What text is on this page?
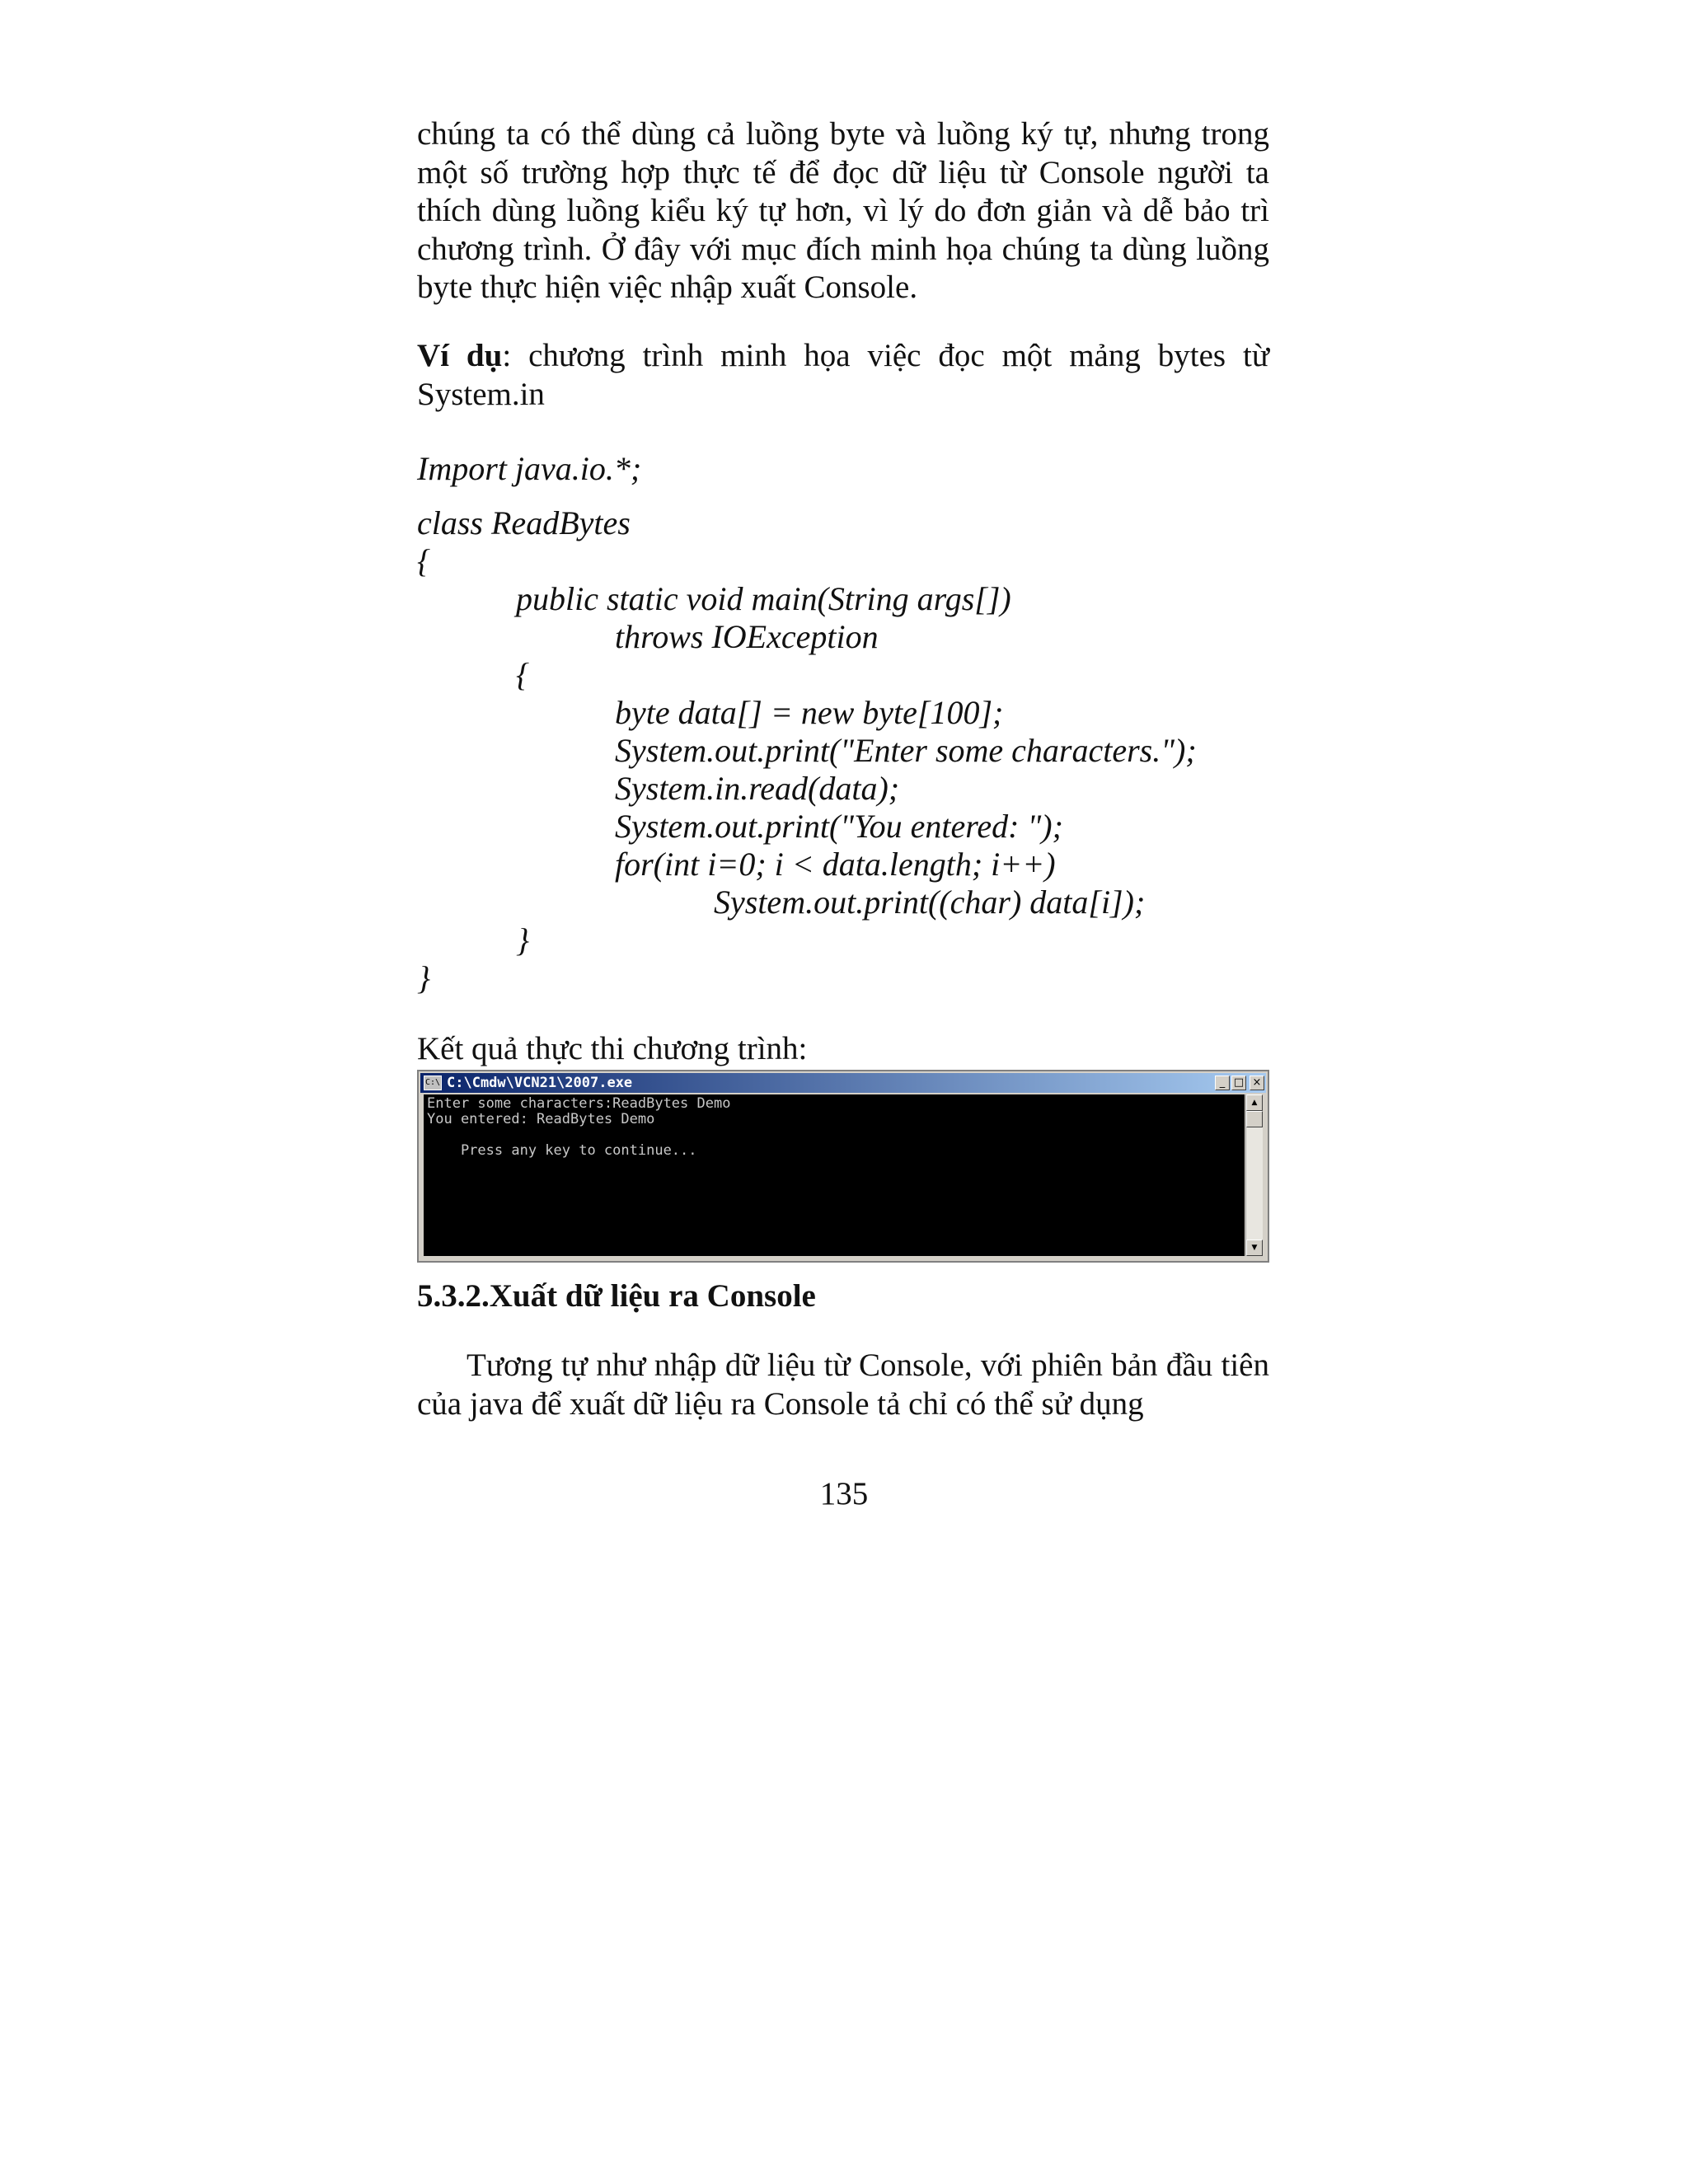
chúng ta có thể dùng cả luồng byte và luồng ký tự, nhưng trong một số trường hợp thực tế để đọc dữ liệu từ Console người ta thích dùng luồng kiểu ký tự hơn, vì lý do đơn giản và dễ bảo trì chương trình. Ở đây với mục đích minh họa chúng ta dùng luồng byte thực hiện việc nhập xuất Console.
Ví dụ: chương trình minh họa việc đọc một mảng bytes từ System.in
Import java.io.*;
class ReadBytes
{
public static void main(String args[])
throws IOException
{
byte data[] = new byte[100];
System.out.print("Enter some characters.");
System.in.read(data);
System.out.print("You entered: ");
for(int i=0; i < data.length; i++)
System.out.print((char) data[i]);
}
}
Kết quả thực thi chương trình:
C:\ C:\Cmdw\VCN21\2007.exe	_ □ ×
Enter some characters:ReadBytes Demo
You entered: ReadBytes Demo
Press any key to continue...
▲
▼
5.3.2.Xuất dữ liệu ra Console
Tương tự như nhập dữ liệu từ Console, với phiên bản đầu tiên của java để xuất dữ liệu ra Console tả chỉ có thể sử dụng
135
